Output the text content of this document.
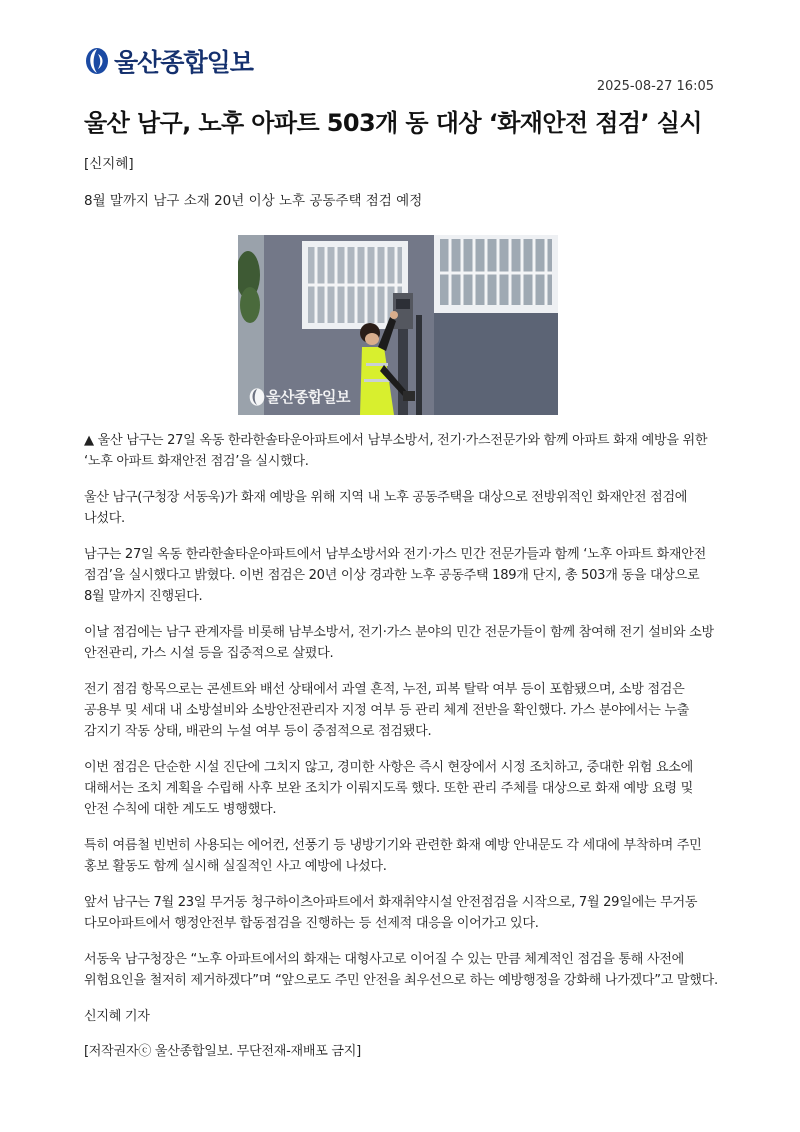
울산종합일보
2025-08-27 16:05
울산 남구, 노후 아파트 503개 동 대상 ‘화재안전 점검’ 실시
[신지혜]
8월 말까지 남구 소재 20년 이상 노후 공동주택 점검 예정
울산종합일보

▲ 울산 남구는 27일 옥동 한라한솔타운아파트에서 남부소방서, 전기·가스전문가와 함께 아파트 화재 예방을 위한 ‘노후 아파트 화재안전 점검’을 실시했다.

울산 남구(구청장 서동욱)가 화재 예방을 위해 지역 내 노후 공동주택을 대상으로 전방위적인 화재안전 점검에 나섰다.

남구는 27일 옥동 한라한솔타운아파트에서 남부소방서와 전기·가스 민간 전문가들과 함께 ‘노후 아파트 화재안전 점검’을 실시했다고 밝혔다. 이번 점검은 20년 이상 경과한 노후 공동주택 189개 단지, 총 503개 동을 대상으로 8월 말까지 진행된다.

이날 점검에는 남구 관계자를 비롯해 남부소방서, 전기·가스 분야의 민간 전문가들이 함께 참여해 전기 설비와 소방 안전관리, 가스 시설 등을 집중적으로 살폈다.

전기 점검 항목으로는 콘센트와 배선 상태에서 과열 흔적, 누전, 피복 탈락 여부 등이 포함됐으며, 소방 점검은 공용부 및 세대 내 소방설비와 소방안전관리자 지정 여부 등 관리 체계 전반을 확인했다. 가스 분야에서는 누출 감지기 작동 상태, 배관의 누설 여부 등이 중점적으로 점검됐다.

이번 점검은 단순한 시설 진단에 그치지 않고, 경미한 사항은 즉시 현장에서 시정 조치하고, 중대한 위험 요소에 대해서는 조치 계획을 수립해 사후 보완 조치가 이뤄지도록 했다. 또한 관리 주체를 대상으로 화재 예방 요령 및 안전 수칙에 대한 계도도 병행했다.

특히 여름철 빈번히 사용되는 에어컨, 선풍기 등 냉방기기와 관련한 화재 예방 안내문도 각 세대에 부착하며 주민 홍보 활동도 함께 실시해 실질적인 사고 예방에 나섰다.

앞서 남구는 7월 23일 무거동 청구하이츠아파트에서 화재취약시설 안전점검을 시작으로, 7월 29일에는 무거동 다모아파트에서 행정안전부 합동점검을 진행하는 등 선제적 대응을 이어가고 있다.

서동욱 남구청장은 “노후 아파트에서의 화재는 대형사고로 이어질 수 있는 만큼 체계적인 점검을 통해 사전에 위험요인을 철저히 제거하겠다”며 “앞으로도 주민 안전을 최우선으로 하는 예방행정을 강화해 나가겠다”고 말했다.

신지혜 기자

[저작권자ⓒ 울산종합일보. 무단전재-재배포 금지]
